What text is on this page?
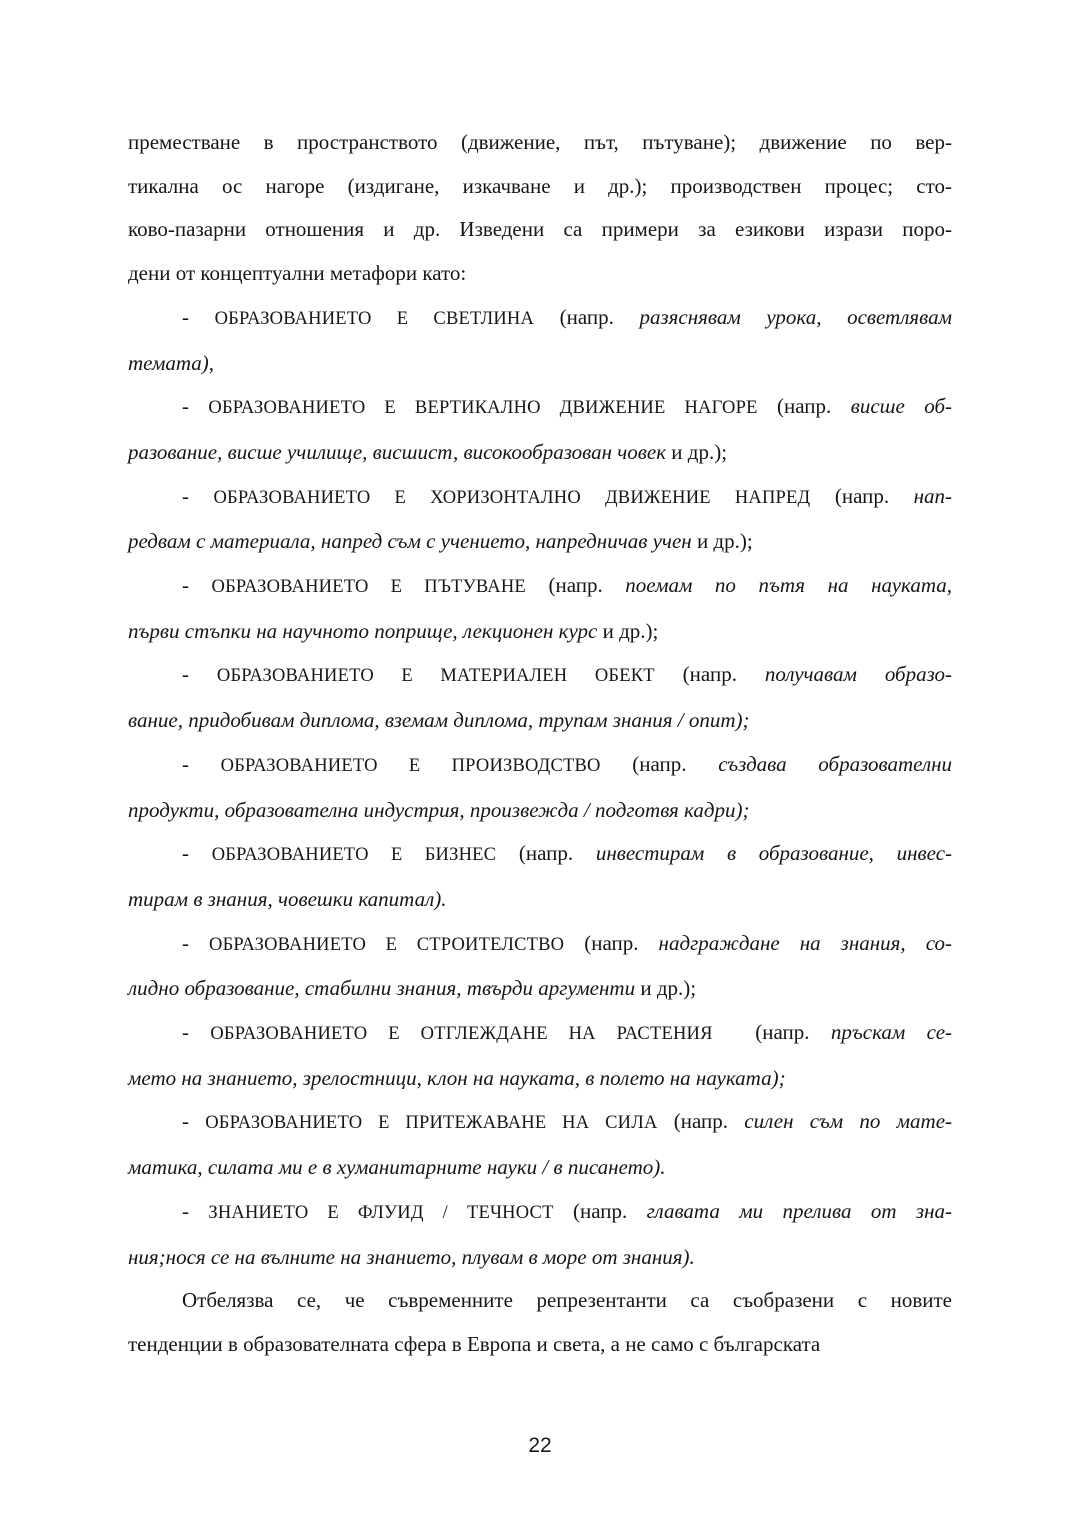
преместване в пространството (движение, път, пътуване); движение по вер-
тикална ос нагоре (издигане, изкачване и др.); производствен процес; сто-
ково-пазарни отношения и др. Изведени са примери за езикови изрази поро-
дени от концептуални метафори като:
- ОБРАЗОВАНИЕТО Е СВЕТЛИНА (напр. разяснявам урока, осветлявам
темата),
- ОБРАЗОВАНИЕТО Е ВЕРТИКАЛНО ДВИЖЕНИЕ НАГОРЕ (напр. висше об-
разование, висше училище, висшист, високообразован човек и др.);
- ОБРАЗОВАНИЕТО Е ХОРИЗОНТАЛНО ДВИЖЕНИЕ НАПРЕД (напр. нап-
редвам с материала, напред съм с учението, напредничав учен и др.);
- ОБРАЗОВАНИЕТО Е ПЪТУВАНЕ (напр. поемам по пътя на науката,
първи стъпки на научното поприще, лекционен курс и др.);
- ОБРАЗОВАНИЕТО Е МАТЕРИАЛЕН ОБЕКТ (напр. получавам образо-
вание, придобивам диплома, вземам диплома, трупам знания / опит);
- ОБРАЗОВАНИЕТО Е ПРОИЗВОДСТВО (напр. създава образователни
продукти, образователна индустрия, произвежда / подготвя кадри);
- ОБРАЗОВАНИЕТО Е БИЗНЕС (напр. инвестирам в образование, инвес-
тирам в знания, човешки капитал).
- ОБРАЗОВАНИЕТО Е СТРОИТЕЛСТВО (напр. надграждане на знания, со-
лидно образование, стабилни знания, твърди аргументи и др.);
- ОБРАЗОВАНИЕТО Е ОТГЛЕЖДАНЕ НА РАСТЕНИЯ  (напр. пръскам се-
мето на знанието, зрелостници, клон на науката, в полето на науката);
- ОБРАЗОВАНИЕТО Е ПРИТЕЖАВАНЕ НА СИЛА (напр. силен съм по мате-
матика, силата ми е в хуманитарните науки / в писането).
- ЗНАНИЕТО Е ФЛУИД / ТЕЧНОСТ (напр. главата ми прелива от зна-
ния;нося се на вълните на знанието, плувам в море от знания).
Отбелязва се, че съвременните репрезентанти са съобразени с новите
тенденции в образователната сфера в Европа и света, а не само с българската
22
